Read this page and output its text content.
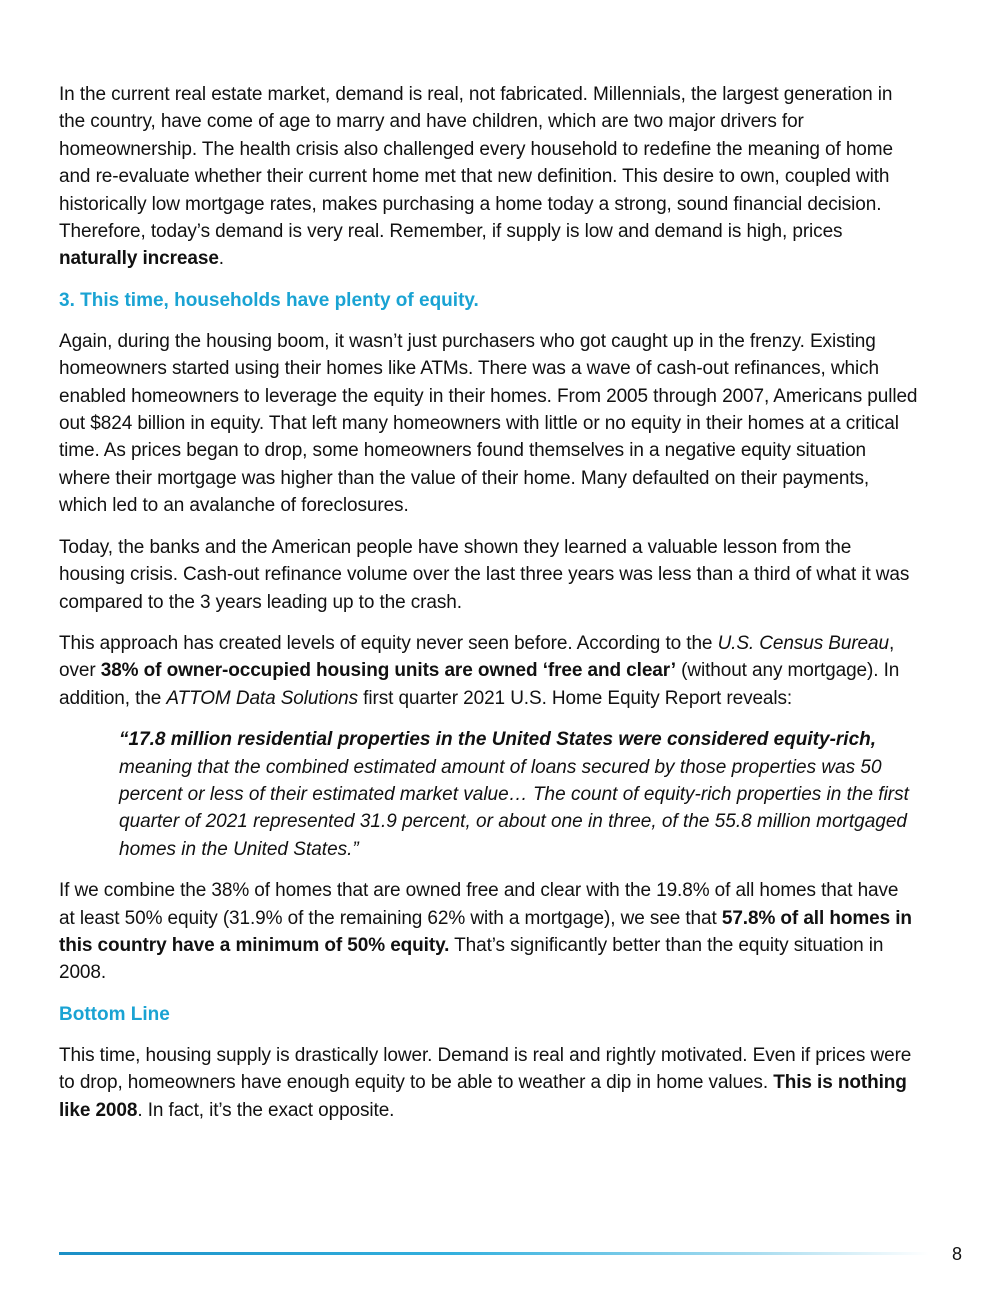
In the current real estate market, demand is real, not fabricated. Millennials, the largest generation in the country, have come of age to marry and have children, which are two major drivers for homeownership. The health crisis also challenged every household to redefine the meaning of home and re-evaluate whether their current home met that new definition. This desire to own, coupled with historically low mortgage rates, makes purchasing a home today a strong, sound financial decision. Therefore, today’s demand is very real. Remember, if supply is low and demand is high, prices naturally increase.

3. This time, households have plenty of equity.

Again, during the housing boom, it wasn’t just purchasers who got caught up in the frenzy. Existing homeowners started using their homes like ATMs. There was a wave of cash-out refinances, which enabled homeowners to leverage the equity in their homes. From 2005 through 2007, Americans pulled out $824 billion in equity. That left many homeowners with little or no equity in their homes at a critical time. As prices began to drop, some homeowners found themselves in a negative equity situation where their mortgage was higher than the value of their home. Many defaulted on their payments, which led to an avalanche of foreclosures.

Today, the banks and the American people have shown they learned a valuable lesson from the housing crisis. Cash-out refinance volume over the last three years was less than a third of what it was compared to the 3 years leading up to the crash.

This approach has created levels of equity never seen before. According to the U.S. Census Bureau, over 38% of owner-occupied housing units are owned ‘free and clear’ (without any mortgage). In addition, the ATTOM Data Solutions first quarter 2021 U.S. Home Equity Report reveals:

“17.8 million residential properties in the United States were considered equity-rich, meaning that the combined estimated amount of loans secured by those properties was 50 percent or less of their estimated market value… The count of equity-rich properties in the first quarter of 2021 represented 31.9 percent, or about one in three, of the 55.8 million mortgaged homes in the United States.”

If we combine the 38% of homes that are owned free and clear with the 19.8% of all homes that have at least 50% equity (31.9% of the remaining 62% with a mortgage), we see that 57.8% of all homes in this country have a minimum of 50% equity. That’s significantly better than the equity situation in 2008.

Bottom Line

This time, housing supply is drastically lower. Demand is real and rightly motivated. Even if prices were to drop, homeowners have enough equity to be able to weather a dip in home values. This is nothing like 2008. In fact, it’s the exact opposite.

8
